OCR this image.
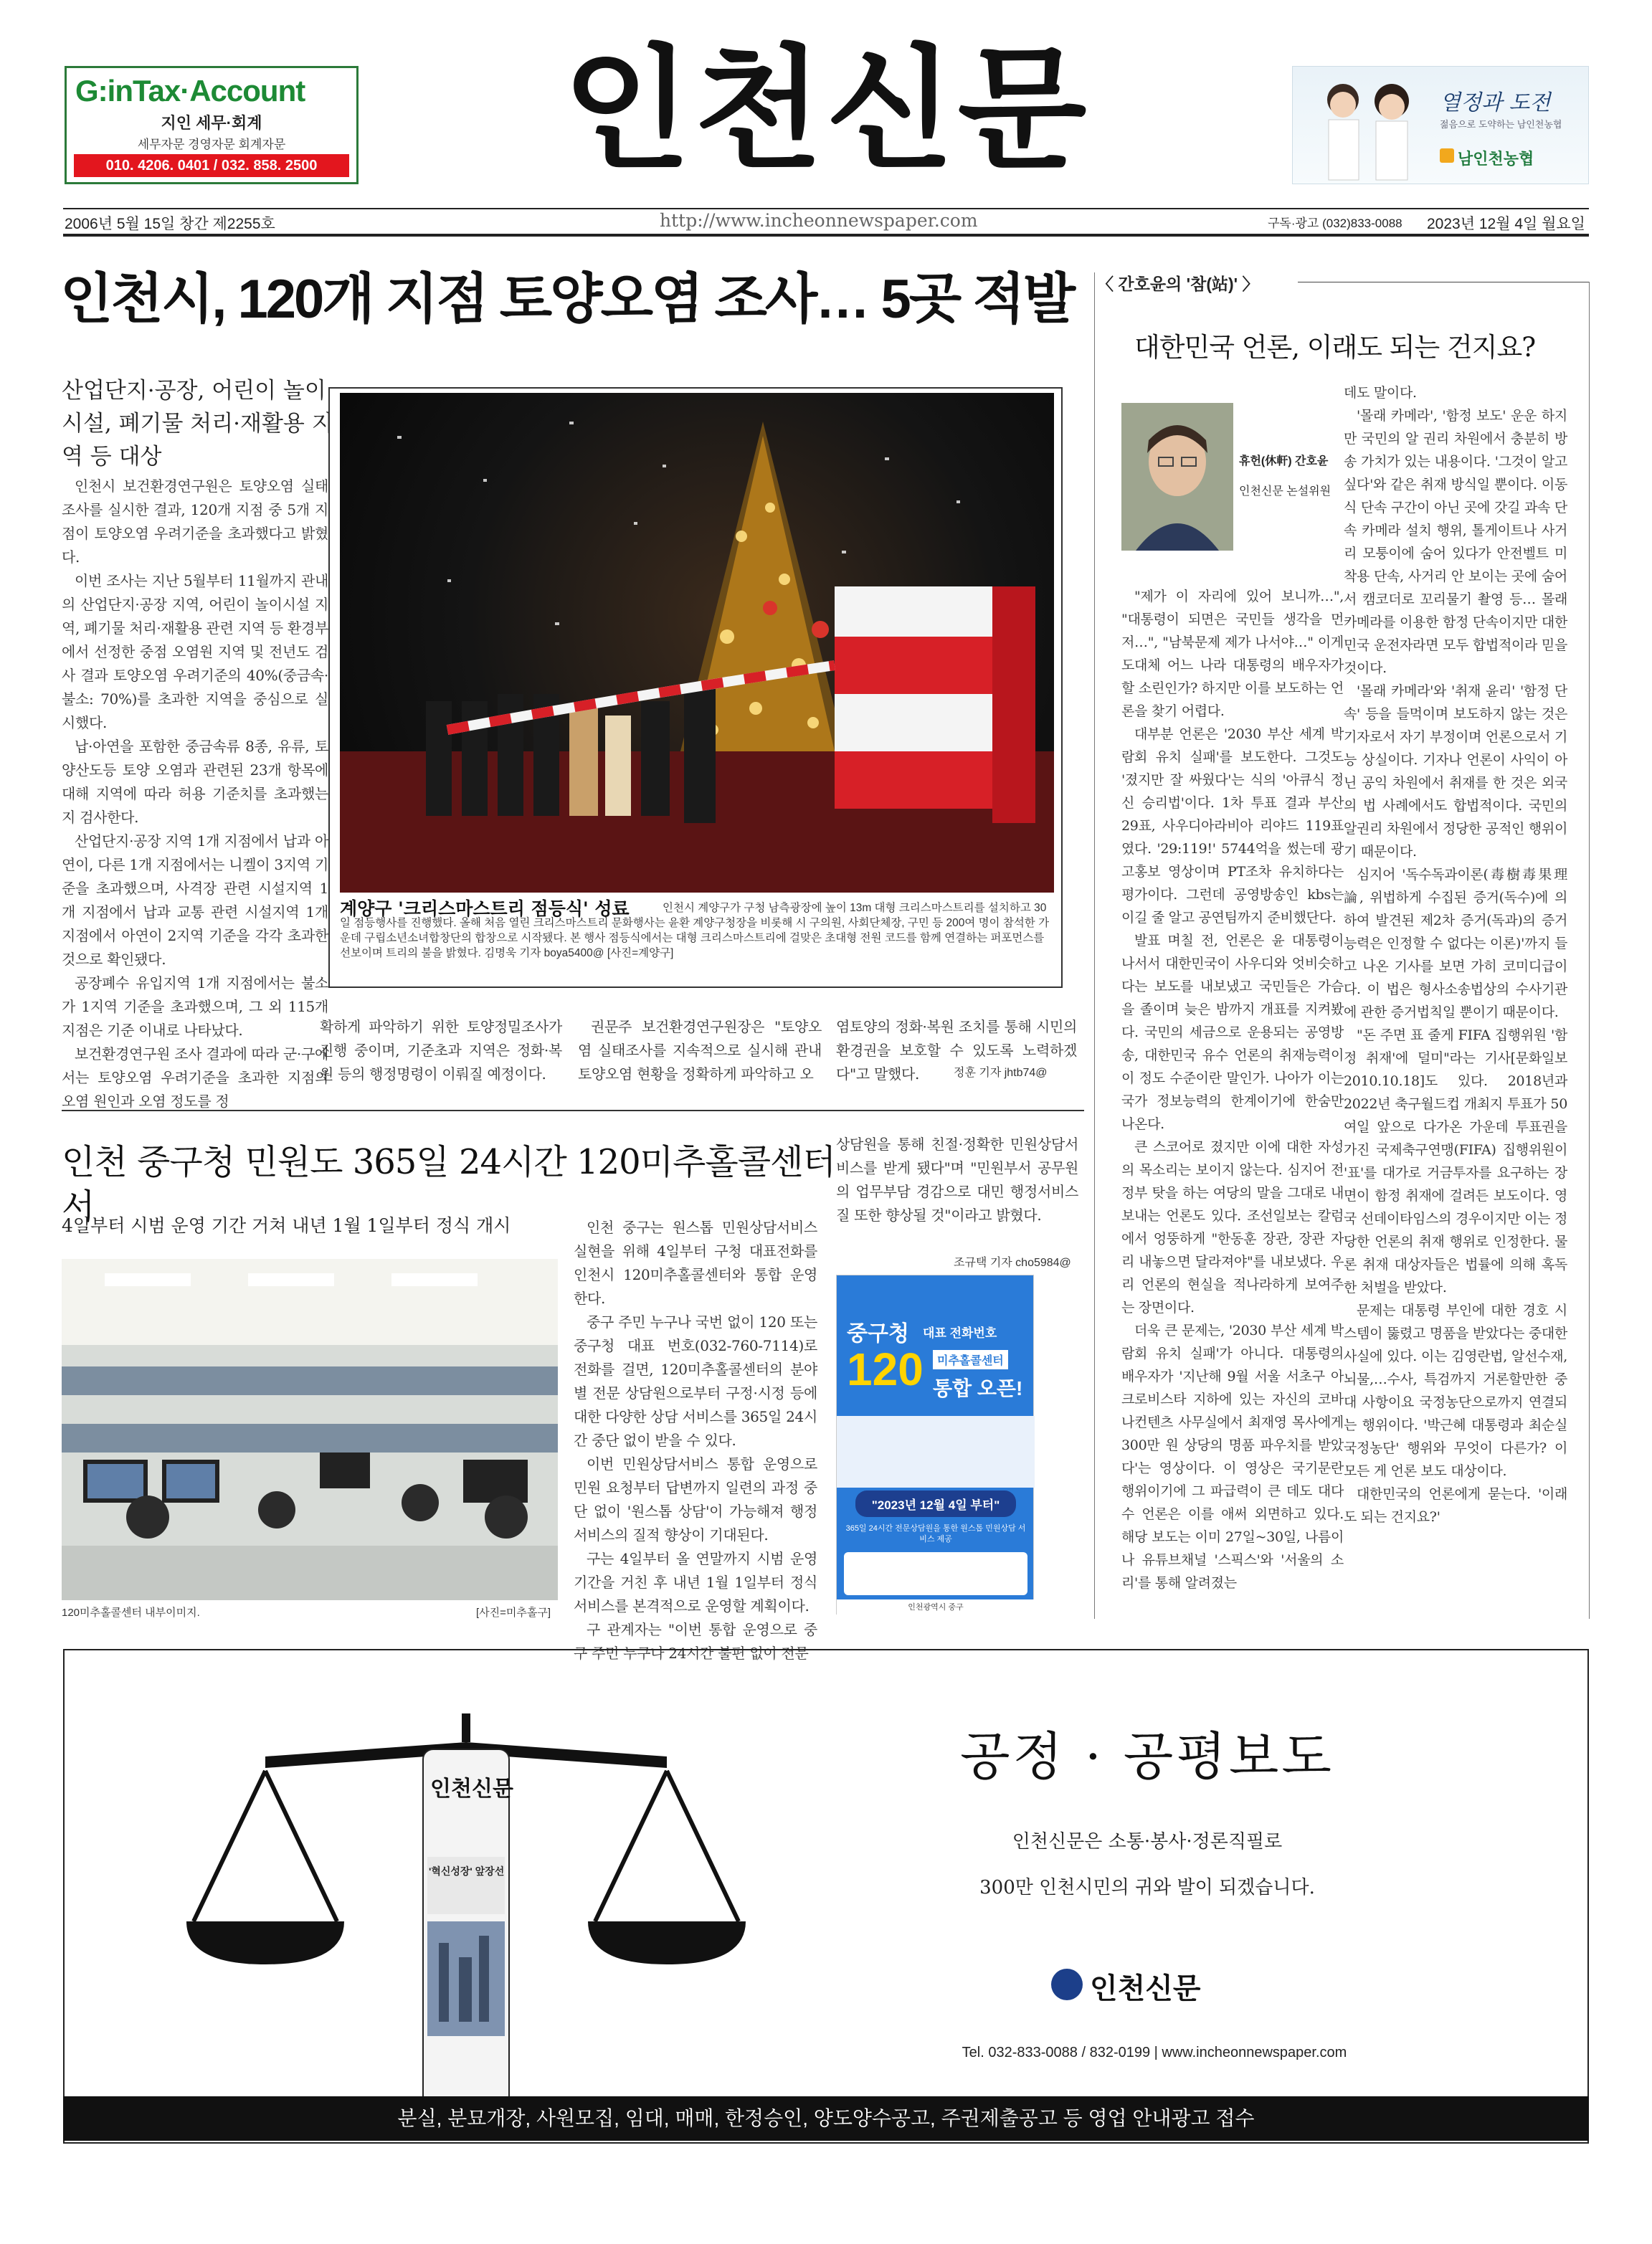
G:inTax·Account
지인 세무·회계
세무자문 경영자문 회계자문
010. 4206. 0401 / 032. 858. 2500	인천신문	열정과 도전
젊음으로 도약하는 남인천농협
남인천농협
2006년 5월 15일 창간 제2255호	http://www.incheonnewspaper.com	구독·광고 (032)833-0088 2023년 12월 4일 월요일
인천시, 120개 지점 토양오염 조사… 5곳 적발
산업단지·공장, 어린이 놀이시설, 폐기물 처리·재활용 지역 등 대상

인천시 보건환경연구원은 토양오염 실태조사를 실시한 결과, 120개 지점 중 5개 지점이 토양오염 우려기준을 초과했다고 밝혔다.

이번 조사는 지난 5월부터 11월까지 관내의 산업단지·공장 지역, 어린이 놀이시설 지역, 폐기물 처리·재활용 관련 지역 등 환경부에서 선정한 중점 오염원 지역 및 전년도 검사 결과 토양오염 우려기준의 40%(중금속·불소: 70%)를 초과한 지역을 중심으로 실시했다.

납·아연을 포함한 중금속류 8종, 유류, 토양산도등 토양 오염과 관련된 23개 항목에 대해 지역에 따라 허용 기준치를 초과했는지 검사한다.

산업단지·공장 지역 1개 지점에서 납과 아연이, 다른 1개 지점에서는 니켈이 3지역 기준을 초과했으며, 사격장 관련 시설지역 1개 지점에서 납과 교통 관련 시설지역 1개 지점에서 아연이 2지역 기준을 각각 초과한 것으로 확인됐다.

공장폐수 유입지역 1개 지점에서는 불소가 1지역 기준을 초과했으며, 그 외 115개 지점은 기준 이내로 나타났다.

보건환경연구원 조사 결과에 따라 군·구에서는 토양오염 우려기준을 초과한 지점의 오염 원인과 오염 정도를 정

계양구 '크리스마스트리 점등식' 성료	인천시 계양구가 구청 남측광장에 높이 13m 대형 크리스마스트리를 설치하고 30일 점등행사를 진행했다. 올해 처음 열린 크리스마스트리 문화행사는 윤환 계양구청장을 비롯해 시 구의원, 사회단체장, 구민 등 200여 명이 참석한 가운데 구립소년소녀합창단의 합창으로 시작됐다. 본 행사 점등식에서는 대형 크리스마스트리에 걸맞은 초대형 전원 코드를 함께 연결하는 퍼포먼스를 선보이며 트리의 불을 밝혔다. 김명욱 기자 boya5400@ [사진=계양구]

확하게 파악하기 위한 토양정밀조사가 진행 중이며, 기준초과 지역은 정화·복원 등의 행정명령이 이뤄질 예정이다.

권문주 보건환경연구원장은 "토양오염 실태조사를 지속적으로 실시해 관내 토양오염 현황을 정확하게 파악하고 오

염토양의 정화·복원 조치를 통해 시민의 환경권을 보호할 수 있도록 노력하겠다"고 말했다.	정훈 기자 jhtb74@
인천 중구청 민원도 365일 24시간 120미추홀콜센터서
4일부터 시범 운영 기간 거쳐 내년 1월 1일부터 정식 개시
120미추홀콜센터 내부이미지.	[사진=미추홀구]

인천 중구는 원스톱 민원상담서비스 실현을 위해 4일부터 구청 대표전화를 인천시 120미추홀콜센터와 통합 운영한다.

중구 주민 누구나 국번 없이 120 또는 중구청 대표 번호(032-760-7114)로 전화를 걸면, 120미추홀콜센터의 분야별 전문 상담원으로부터 구정·시정 등에 대한 다양한 상담 서비스를 365일 24시간 중단 없이 받을 수 있다.

이번 민원상담서비스 통합 운영으로 민원 요청부터 답변까지 일련의 과정 중단 없이 '원스톱 상담'이 가능해져 행정서비스의 질적 향상이 기대된다.

구는 4일부터 올 연말까지 시범 운영 기간을 거친 후 내년 1월 1일부터 정식 서비스를 본격적으로 운영할 계획이다.

구 관계자는 "이번 통합 운영으로 중구 주민 누구나 24시간 불편 없이 전문

상담원을 통해 친절·정확한 민원상담서비스를 받게 됐다"며 "민원부서 공무원의 업무부담 경감으로 대민 행정서비스 질 또한 향상될 것"이라고 밝혔다.

조규택 기자 cho5984@
중구청 대표 전화번호
120	미추홀콜센터
통합 오픈!
"2023년 12월 4일 부터"
365일 24시간 전문상담원을 통한 원스톱 민원상담 서비스 제공
인천광역시 중구
〈 간호윤의 '참(站)' 〉
대한민국 언론, 이래도 되는 건지요?
휴헌(休軒) 간호윤
인천신문 논설위원

"제가 이 자리에 있어 보니까…", "대통령이 되면은 국민들 생각을 먼저…", "남북문제 제가 나서야…" 이게 도대체 어느 나라 대통령의 배우자가 할 소린인가? 하지만 이를 보도하는 언론을 찾기 어렵다.

대부분 언론은 '2030 부산 세계 박람회 유치 실패'를 보도한다. 그것도 '졌지만 잘 싸웠다'는 식의 '아큐식 정신 승리법'이다. 1차 투표 결과 부산 29표, 사우디아라비아 리야드 119표였다. '29:119!' 5744억을 썼는데 광고홍보 영상이며 PT조차 유치하다는 평가이다. 그런데 공영방송인 kbs는 이길 줄 알고 공연팀까지 준비했단다.

발표 며칠 전, 언론은 윤 대통령이 나서서 대한민국이 사우디와 엇비슷하다는 보도를 내보냈고 국민들은 가슴을 졸이며 늦은 밤까지 개표를 지켜봤다. 국민의 세금으로 운용되는 공영방송, 대한민국 유수 언론의 취재능력이 이 정도 수준이란 말인가. 나아가 이는 국가 정보능력의 한계이기에 한숨만 나온다.

큰 스코어로 졌지만 이에 대한 자성의 목소리는 보이지 않는다. 심지어 전 정부 탓을 하는 여당의 말을 그대로 내보내는 언론도 있다. 조선일보는 칼럼에서 엉뚱하게 "한동훈 장관, 장관 자리 내놓으면 달라져야"를 내보냈다. 우리 언론의 현실을 적나라하게 보여주는 장면이다.

더욱 큰 문제는, '2030 부산 세계 박람회 유치 실패'가 아니다. 대통령의 배우자가 '지난해 9월 서울 서초구 아크로비스타 지하에 있는 자신의 코바나컨텐츠 사무실에서 최재영 목사에게 300만 원 상당의 명품 파우치를 받았다'는 영상이다. 이 영상은 국기문란 행위이기에 그 파급력이 큰 데도 대다수 언론은 이를 애써 외면하고 있다. 해당 보도는 이미 27일~30일, 나름이나 유튜브채널 '스픽스'와 '서울의 소리'를 통해 알려졌는

데도 말이다.

'몰래 카메라', '함정 보도' 운운 하지만 국민의 알 권리 차원에서 충분히 방송 가치가 있는 내용이다. '그것이 알고 싶다'와 같은 취재 방식일 뿐이다. 이동식 단속 구간이 아닌 곳에 갓길 과속 단속 카메라 설치 행위, 톨게이트나 사거리 모퉁이에 숨어 있다가 안전벨트 미착용 단속, 사거리 안 보이는 곳에 숨어서 캠코더로 꼬리물기 촬영 등… 몰래 카메라를 이용한 함정 단속이지만 대한민국 운전자라면 모두 합법적이라 믿을 것이다.

'몰래 카메라'와 '취재 윤리' '함정 단속' 등을 들먹이며 보도하지 않는 것은 기자로서 자기 부정이며 언론으로서 기능 상실이다. 기자나 언론이 사익이 아닌 공익 차원에서 취재를 한 것은 외국의 법 사례에서도 합법적이다. 국민의 알권리 차원에서 정당한 공적인 행위이기 때문이다.

심지어 '독수독과이론(毒樹毒果理論, 위법하게 수집된 증거(독수)에 의하여 발견된 제2차 증거(독과)의 증거능력은 인정할 수 없다는 이론)'까지 들고 나온 기사를 보면 가히 코미디급이다. 이 법은 형사소송법상의 수사기관에 관한 증거법칙일 뿐이기 때문이다.

"돈 주면 표 줄게 FIFA 집행위원 '함정 취재'에 덜미"라는 기사[문화일보 2010.10.18]도 있다. 2018년과 2022년 축구월드컵 개최지 투표가 50여일 앞으로 다가온 가운데 투표권을 가진 국제축구연맹(FIFA) 집행위원이 '표'를 대가로 거금투자를 요구하는 장면이 함정 취재에 걸려든 보도이다. 영국 선데이타임스의 경우이지만 이는 정당한 언론의 취재 행위로 인정한다. 물론 취재 대상자들은 법률에 의해 혹독한 처벌을 받았다.

문제는 대통령 부인에 대한 경호 시스템이 뚫렸고 명품을 받았다는 중대한 사실에 있다. 이는 김영란법, 알선수재, 뇌물,…수사, 특검까지 거론할만한 중대 사항이요 국정농단으로까지 연결되는 행위이다. '박근혜 대통령과 최순실 국정농단' 행위와 무엇이 다른가? 이 모든 게 언론 보도 대상이다.

대한민국의 언론에게 묻는다. '이래도 되는 건지요?'

인천신문
'혁신성장' 앞장선
공정 · 공평보도
인천신문은 소통·봉사·정론직필로
300만 인천시민의 귀와 발이 되겠습니다.
인천신문
Tel. 032-833-0088 / 832-0199 | www.incheonnewspaper.com
분실, 분묘개장, 사원모집, 임대, 매매, 한정승인, 양도양수공고, 주권제출공고 등 영업 안내광고 접수
